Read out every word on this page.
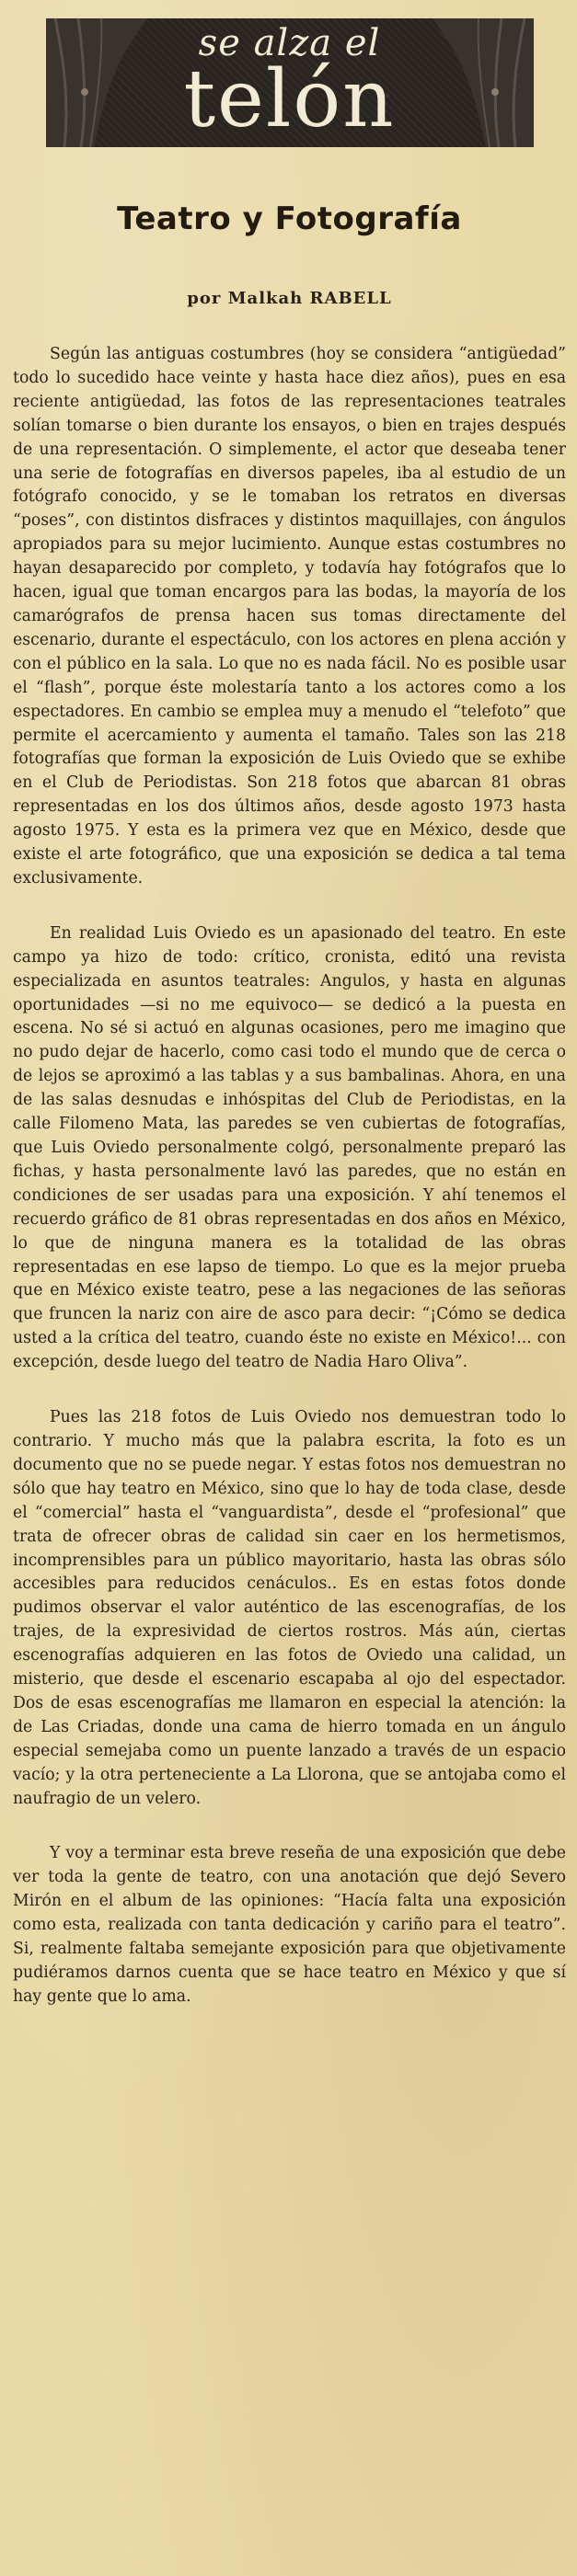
se alza el
telón
Teatro y Fotografía
por Malkah RABELL

Según las antiguas costumbres (hoy se considera “antigüedad” todo lo sucedido hace veinte y hasta hace diez años), pues en esa reciente antigüedad, las fotos de las representaciones teatrales solían tomarse o bien durante los ensayos, o bien en trajes después de una representación. O simplemente, el actor que deseaba tener una serie de fotografías en diversos papeles, iba al estudio de un fotógrafo conocido, y se le tomaban los retratos en diversas “poses”, con distintos disfraces y distintos maquillajes, con ángulos apropiados para su mejor lucimiento. Aunque estas costumbres no hayan desaparecido por completo, y todavía hay fotógrafos que lo hacen, igual que toman encargos para las bodas, la mayoría de los camarógrafos de prensa hacen sus tomas directamente del escenario, durante el espectáculo, con los actores en plena acción y con el público en la sala. Lo que no es nada fácil. No es posible usar el “flash”, porque éste molestaría tanto a los actores como a los espectadores. En cambio se emplea muy a menudo el “telefoto” que permite el acercamiento y aumenta el tamaño. Tales son las 218 fotografías que forman la exposición de Luis Oviedo que se exhibe en el Club de Periodistas. Son 218 fotos que abarcan 81 obras representadas en los dos últimos años, desde agosto 1973 hasta agosto 1975. Y esta es la primera vez que en México, desde que existe el arte fotográfico, que una exposición se dedica a tal tema exclusivamente.

En realidad Luis Oviedo es un apasionado del teatro. En este campo ya hizo de todo: crítico, cronista, editó una revista especializada en asuntos teatrales: Angulos, y hasta en algunas oportunidades —si no me equivoco— se dedicó a la puesta en escena. No sé si actuó en algunas ocasiones, pero me imagino que no pudo dejar de hacerlo, como casi todo el mundo que de cerca o de lejos se aproximó a las tablas y a sus bambalinas. Ahora, en una de las salas desnudas e inhóspitas del Club de Periodistas, en la calle Filomeno Mata, las paredes se ven cubiertas de fotografías, que Luis Oviedo personalmente colgó, personalmente preparó las fichas, y hasta personalmente lavó las paredes, que no están en condiciones de ser usadas para una exposición. Y ahí tenemos el recuerdo gráfico de 81 obras representadas en dos años en México, lo que de ninguna manera es la totalidad de las obras representadas en ese lapso de tiempo. Lo que es la mejor prueba que en México existe teatro, pese a las negaciones de las señoras que fruncen la nariz con aire de asco para decir: “¡Cómo se dedica usted a la crítica del teatro, cuando éste no existe en México!... con excepción, desde luego del teatro de Nadia Haro Oliva”.

Pues las 218 fotos de Luis Oviedo nos demuestran todo lo contrario. Y mucho más que la palabra escrita, la foto es un documento que no se puede negar. Y estas fotos nos demuestran no sólo que hay teatro en México, sino que lo hay de toda clase, desde el “comercial” hasta el “vanguardista”, desde el “profesional” que trata de ofrecer obras de calidad sin caer en los hermetismos, incomprensibles para un público mayoritario, hasta las obras sólo accesibles para reducidos cenáculos.. Es en estas fotos donde pudimos observar el valor auténtico de las escenografías, de los trajes, de la expresividad de ciertos rostros. Más aún, ciertas escenografías adquieren en las fotos de Oviedo una calidad, un misterio, que desde el escenario escapaba al ojo del espectador. Dos de esas escenografías me llamaron en especial la atención: la de Las Criadas, donde una cama de hierro tomada en un ángulo especial semejaba como un puente lanzado a través de un espacio vacío; y la otra perteneciente a La Llorona, que se antojaba como el naufragio de un velero.

Y voy a terminar esta breve reseña de una exposición que debe ver toda la gente de teatro, con una anotación que dejó Severo Mirón en el album de las opiniones: “Hacía falta una exposición como esta, realizada con tanta dedicación y cariño para el teatro”. Si, realmente faltaba semejante exposición para que objetivamente pudiéramos darnos cuenta que se hace teatro en México y que sí hay gente que lo ama.
